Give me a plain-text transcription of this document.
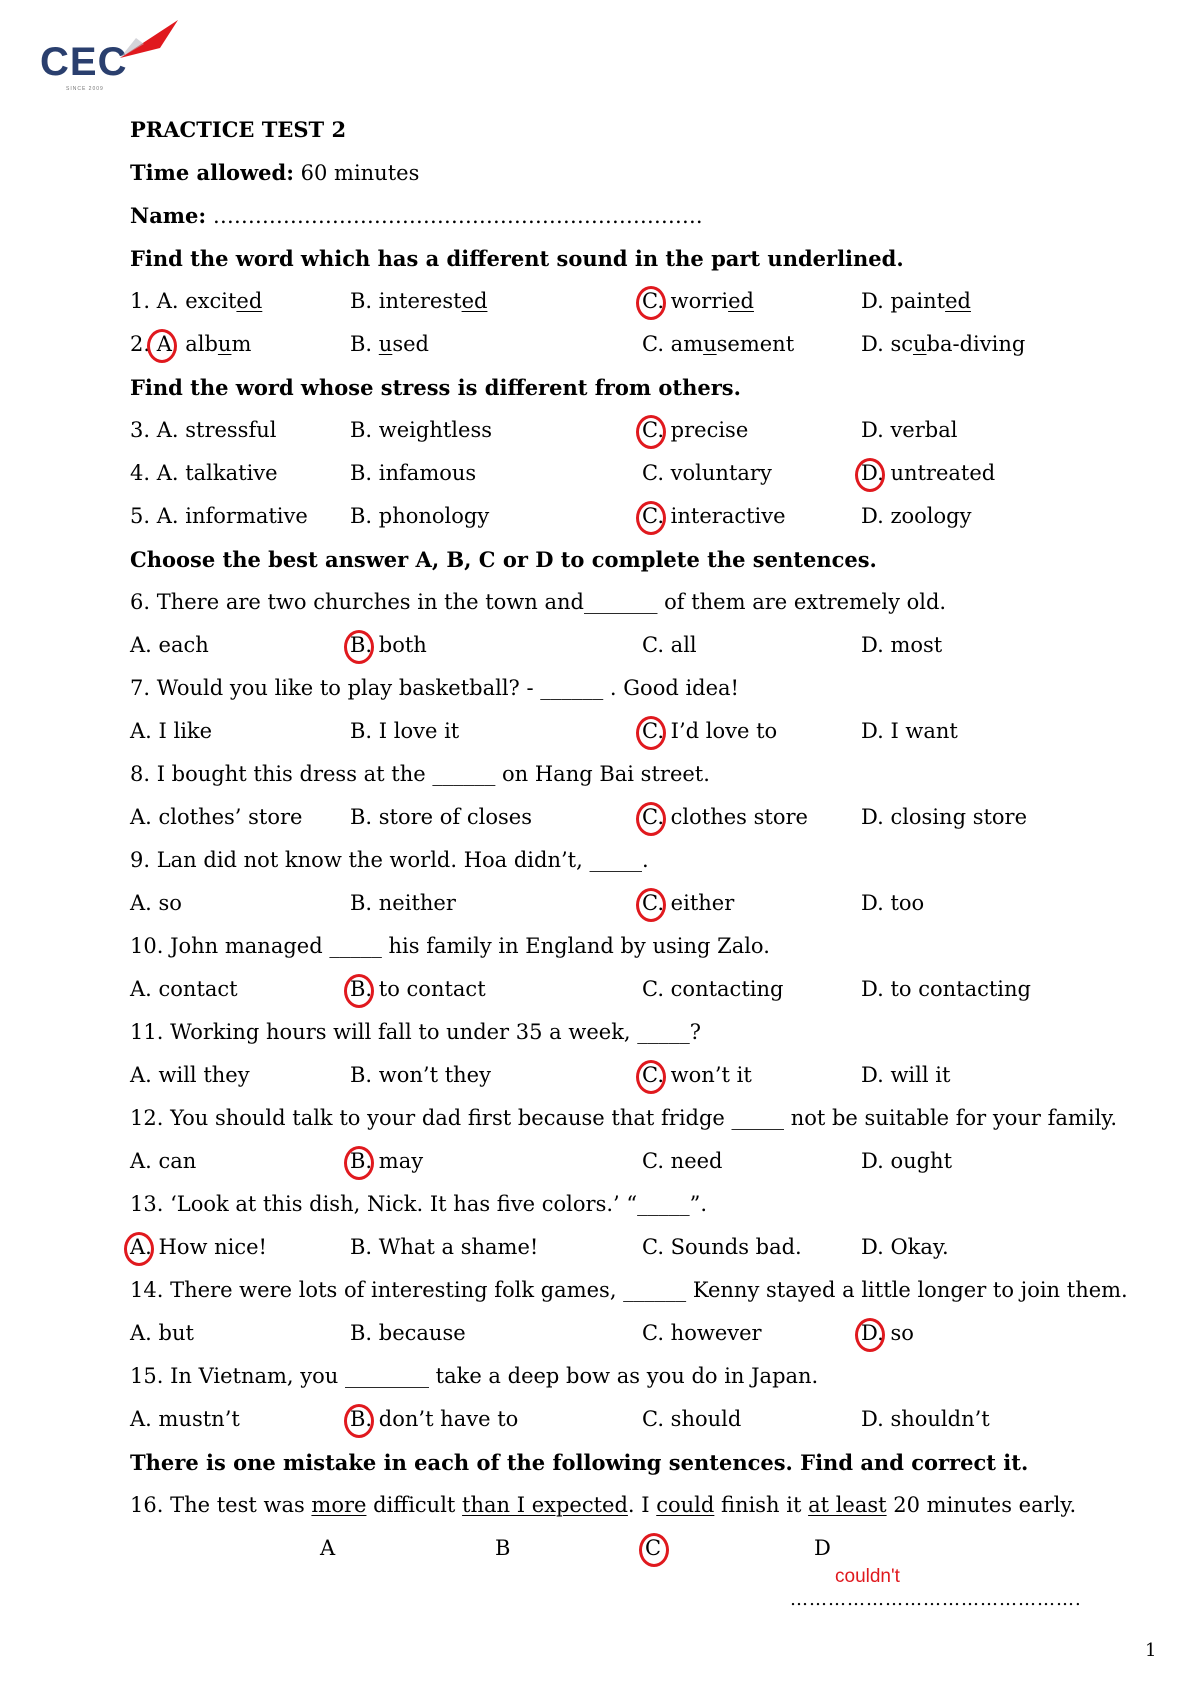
CEC
SINCE 2009
PRACTICE TEST 2
Time allowed: 60 minutes
Name: …………………………………………………………….
Find the word which has a different sound in the part underlined.
1. A. excited	B. interested	C. worried	D. painted
2. A. album	B. used	C. amusement	D. scuba-diving
Find the word whose stress is different from others.
3. A. stressful	B. weightless	C. precise	D. verbal
4. A. talkative	B. infamous	C. voluntary	D. untreated
5. A. informative	B. phonology	C. interactive	D. zoology
Choose the best answer A, B, C or D to complete the sentences.
6. There are two churches in the town and_______ of them are extremely old.
A. each	B. both	C. all	D. most
7. Would you like to play basketball? - ______ . Good idea!
A. I like	B. I love it	C. I’d love to	D. I want
8. I bought this dress at the ______ on Hang Bai street.
A. clothes’ store	B. store of closes	C. clothes store	D. closing store
9. Lan did not know the world. Hoa didn’t, _____.
A. so	B. neither	C. either	D. too
10. John managed _____ his family in England by using Zalo.
A. contact	B. to contact	C. contacting	D. to contacting
11. Working hours will fall to under 35 a week, _____?
A. will they	B. won’t they	C. won’t it	D. will it
12. You should talk to your dad first because that fridge _____ not be suitable for your family.
A. can	B. may	C. need	D. ought
13. ‘Look at this dish, Nick. It has five colors.’ “_____”.
A. How nice!	B. What a shame!	C. Sounds bad.	D. Okay.
14. There were lots of interesting folk games, ______ Kenny stayed a little longer to join them.
A. but	B. because	C. however	D. so
15. In Vietnam, you ________ take a deep bow as you do in Japan.
A. mustn’t	B. don’t have to	C. should	D. shouldn’t
There is one mistake in each of the following sentences. Find and correct it.
16. The test was more difficult than I expected. I could finish it at least 20 minutes early.
A	B	C	D
couldn't
……………………………………….
1
